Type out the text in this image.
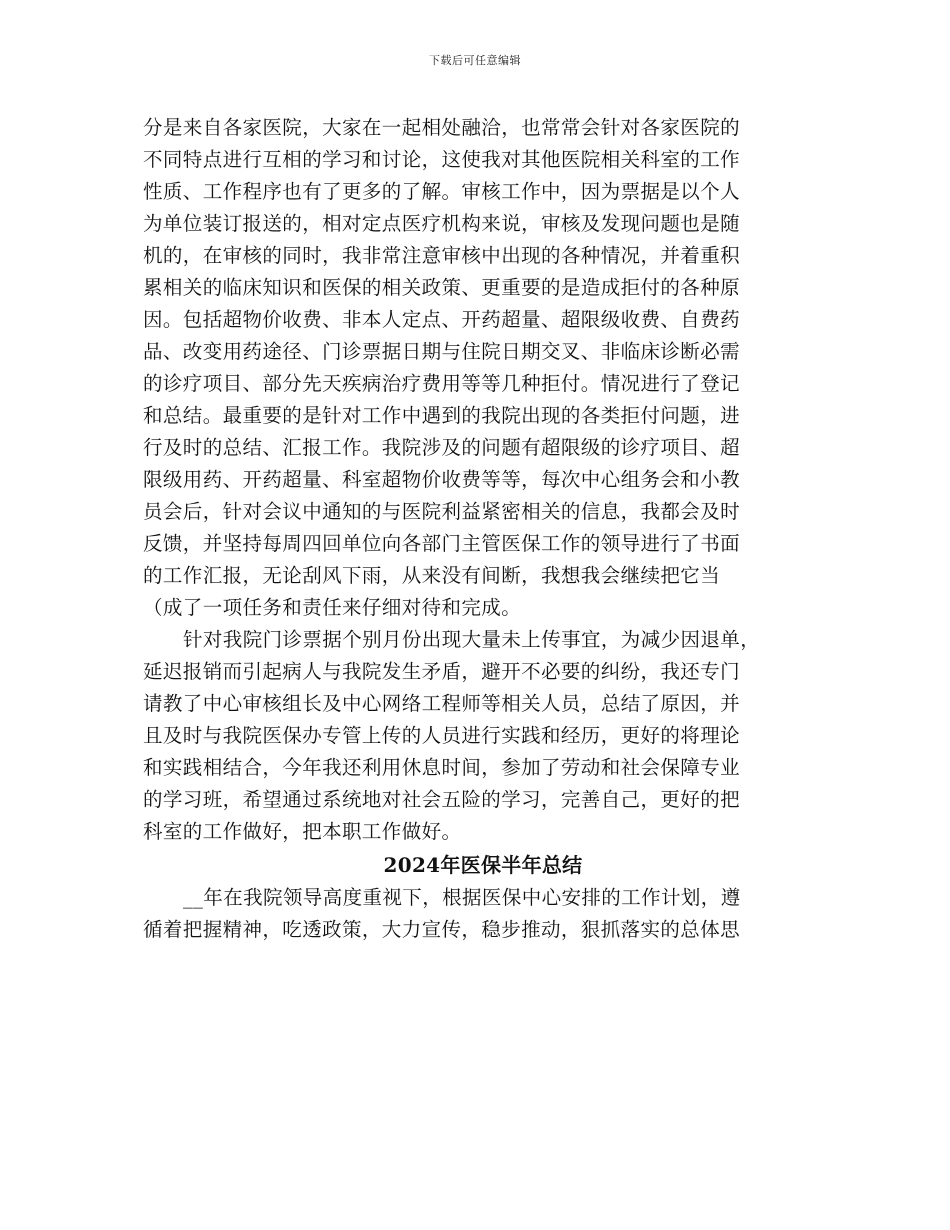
下载后可任意编辑
分是来自各家医院，大家在一起相处融洽，也常常会针对各家医院的
不同特点进行互相的学习和讨论，这使我对其他医院相关科室的工作
性质、工作程序也有了更多的了解。审核工作中，因为票据是以个人
为单位装订报送的，相对定点医疗机构来说，审核及发现问题也是随
机的，在审核的同时，我非常注意审核中出现的各种情况，并着重积
累相关的临床知识和医保的相关政策、更重要的是造成拒付的各种原
因。包括超物价收费、非本人定点、开药超量、超限级收费、自费药
品、改变用药途径、门诊票据日期与住院日期交叉、非临床诊断必需
的诊疗项目、部分先天疾病治疗费用等等几种拒付。情况进行了登记
和总结。最重要的是针对工作中遇到的我院出现的各类拒付问题，进
行及时的总结、汇报工作。我院涉及的问题有超限级的诊疗项目、超
限级用药、开药超量、科室超物价收费等等，每次中心组务会和小教
员会后，针对会议中通知的与医院利益紧密相关的信息，我都会及时
反馈，并坚持每周四回单位向各部门主管医保工作的领导进行了书面
的工作汇报，无论刮风下雨，从来没有间断，我想我会继续把它当
（成了一项任务和责任来仔细对待和完成。
针对我院门诊票据个别月份出现大量未上传事宜，为减少因退单，
延迟报销而引起病人与我院发生矛盾，避开不必要的纠纷，我还专门
请教了中心审核组长及中心网络工程师等相关人员，总结了原因，并
且及时与我院医保办专管上传的人员进行实践和经历，更好的将理论
和实践相结合，今年我还利用休息时间，参加了劳动和社会保障专业
的学习班，希望通过系统地对社会五险的学习，完善自己，更好的把
科室的工作做好，把本职工作做好。
2024年医保半年总结
__年在我院领导高度重视下，根据医保中心安排的工作计划，遵
循着把握精神，吃透政策，大力宣传，稳步推动，狠抓落实的总体思
